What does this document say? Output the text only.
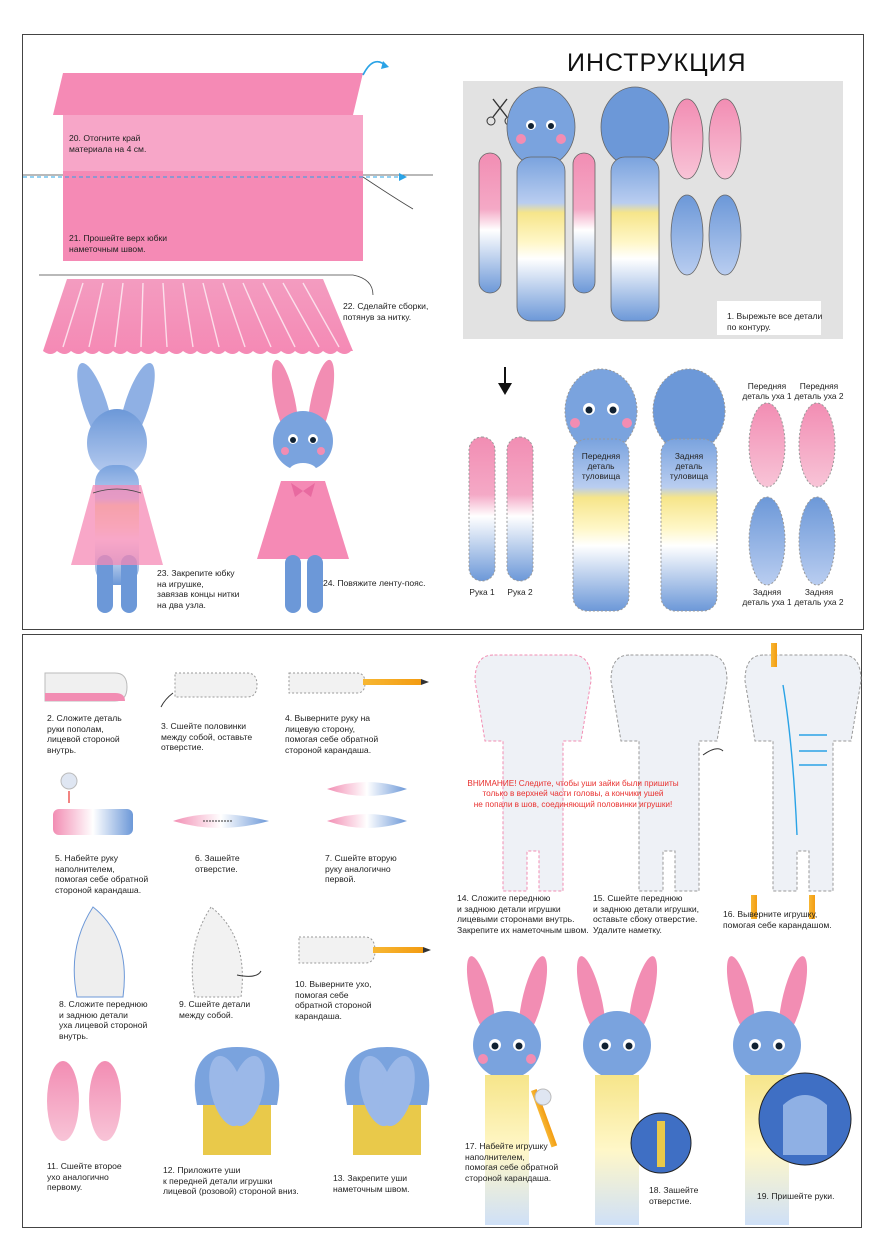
ИНСТРУКЦИЯ
20. Отогните край
материала на 4 см.
21. Прошейте верх юбки
наметочным швом.
22. Сделайте сборки,
потянув за нитку.
23. Закрепите юбку
на игрушке,
завязав концы нитки
на два узла.
24. Повяжите ленту-пояс.
1. Вырежьте все детали
по контуру.
Рука 1	Рука 2
Передняя
деталь
туловища
Задняя
деталь
туловища
Передняя
деталь уха 1
Передняя
деталь уха 2
Задняя
деталь уха 1
Задняя
деталь уха 2
2. Сложите деталь
руки пополам,
лицевой стороной
внутрь.
3. Сшейте половинки
между собой, оставьте
отверстие.
4. Выверните руку на
лицевую сторону,
помогая себе обратной
стороной карандаша.
5. Набейте руку
наполнителем,
помогая себе обратной
стороной карандаша.
6. Зашейте
отверстие.
7. Сшейте вторую
руку аналогично
первой.
8. Сложите переднюю
и заднюю детали
уха лицевой стороной
внутрь.
9. Сшейте детали
между собой.
10. Выверните ухо,
помогая себе
обратной стороной
карандаша.
11. Сшейте второе
ухо аналогично
первому.
12. Приложите уши
к передней детали игрушки
лицевой (розовой) стороной вниз.
13. Закрепите уши
наметочным швом.
ВНИМАНИЕ! Следите, чтобы уши зайки были пришиты
только в верхней части головы, а кончики ушей
не попали в шов, соединяющий половинки игрушки!
14. Сложите переднюю
и заднюю детали игрушки
лицевыми сторонами внутрь.
Закрепите их наметочным швом.
15. Сшейте переднюю
и заднюю детали игрушки,
оставьте сбоку отверстие.
Удалите наметку.
16. Выверните игрушку,
помогая себе карандашом.
17. Набейте игрушку
наполнителем,
помогая себе обратной
стороной карандаша.
18. Зашейте
отверстие.	19. Пришейте руки.
